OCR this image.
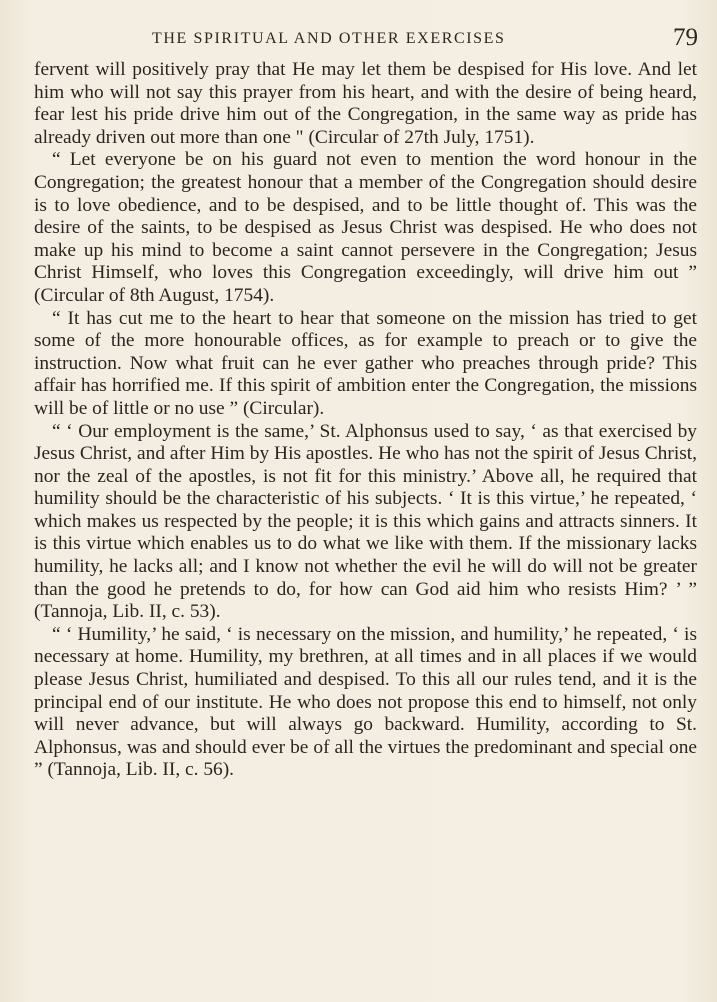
THE SPIRITUAL AND OTHER EXERCISES	79

fervent will positively pray that He may let them be despised for His love. And let him who will not say this prayer from his heart, and with the desire of being heard, fear lest his pride drive him out of the Congregation, in the same way as pride has already driven out more than one " (Circular of 27th July, 1751).

“ Let everyone be on his guard not even to mention the word honour in the Congregation; the greatest honour that a member of the Congregation should desire is to love obedience, and to be despised, and to be little thought of. This was the desire of the saints, to be despised as Jesus Christ was despised. He who does not make up his mind to become a saint cannot persevere in the Congregation; Jesus Christ Himself, who loves this Congregation exceedingly, will drive him out ” (Circular of 8th August, 1754).

“ It has cut me to the heart to hear that someone on the mission has tried to get some of the more honourable offices, as for example to preach or to give the instruction. Now what fruit can he ever gather who preaches through pride? This affair has horrified me. If this spirit of ambition enter the Congregation, the missions will be of little or no use ” (Circular).

“ ‘ Our employment is the same,’ St. Alphonsus used to say, ‘ as that exercised by Jesus Christ, and after Him by His apostles. He who has not the spirit of Jesus Christ, nor the zeal of the apostles, is not fit for this ministry.’ Above all, he required that humility should be the characteristic of his subjects. ‘ It is this virtue,’ he repeated, ‘ which makes us respected by the people; it is this which gains and attracts sinners. It is this virtue which enables us to do what we like with them. If the missionary lacks humility, he lacks all; and I know not whether the evil he will do will not be greater than the good he pretends to do, for how can God aid him who resists Him? ’ ” (Tannoja, Lib. II, c. 53).

“ ‘ Humility,’ he said, ‘ is necessary on the mission, and humility,’ he repeated, ‘ is necessary at home. Humility, my brethren, at all times and in all places if we would please Jesus Christ, humiliated and despised. To this all our rules tend, and it is the principal end of our institute. He who does not propose this end to himself, not only will never advance, but will always go backward. Humility, according to St. Alphonsus, was and should ever be of all the virtues the predominant and special one ” (Tannoja, Lib. II, c. 56).
